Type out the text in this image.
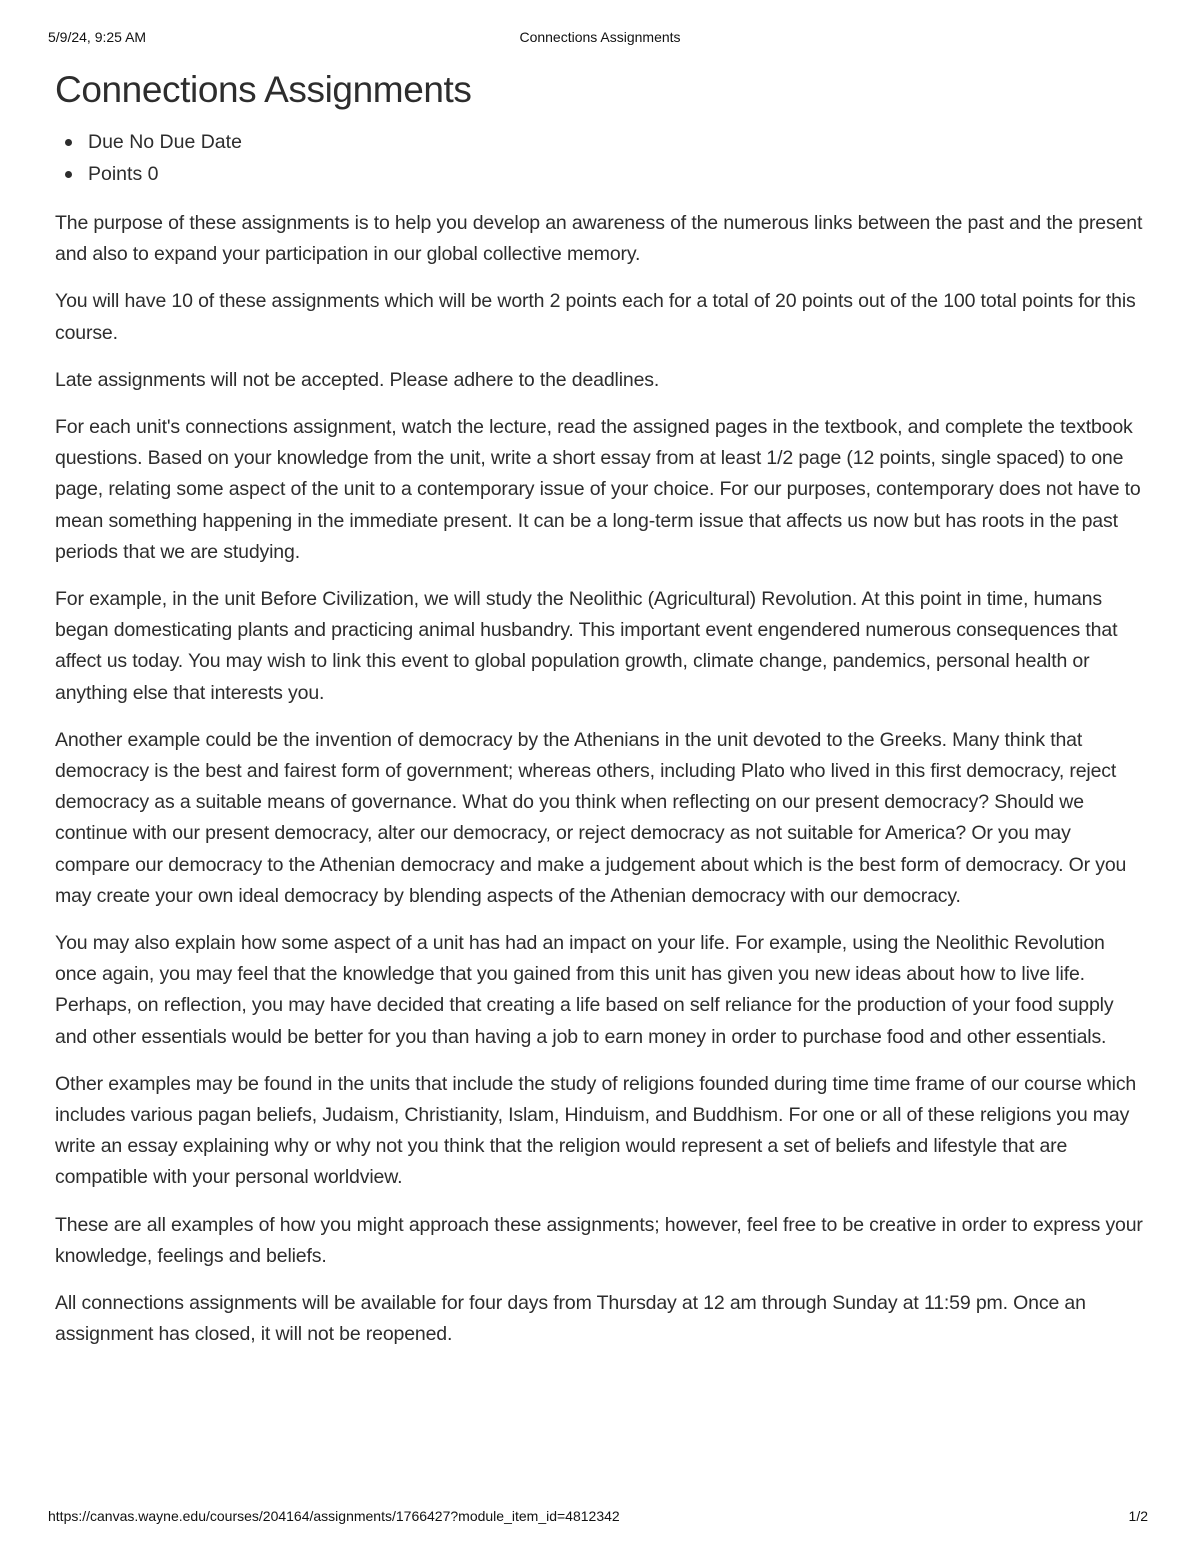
5/9/24, 9:25 AM	Connections Assignments
Connections Assignments
Due No Due Date
Points 0

The purpose of these assignments is to help you develop an awareness of the numerous links between the past and the present and also to expand your participation in our global collective memory.

You will have 10 of these assignments which will be worth 2 points each for a total of 20 points out of the 100 total points for this course.

Late assignments will not be accepted. Please adhere to the deadlines.

For each unit's connections assignment, watch the lecture, read the assigned pages in the textbook, and complete the textbook questions. Based on your knowledge from the unit, write a short essay from at least 1/2 page (12 points, single spaced) to one page, relating some aspect of the unit to a contemporary issue of your choice. For our purposes, contemporary does not have to mean something happening in the immediate present. It can be a long-term issue that affects us now but has roots in the past periods that we are studying.

For example, in the unit Before Civilization, we will study the Neolithic (Agricultural) Revolution. At this point in time, humans began domesticating plants and practicing animal husbandry. This important event engendered numerous consequences that affect us today. You may wish to link this event to global population growth, climate change, pandemics, personal health or anything else that interests you.

Another example could be the invention of democracy by the Athenians in the unit devoted to the Greeks. Many think that democracy is the best and fairest form of government; whereas others, including Plato who lived in this first democracy, reject democracy as a suitable means of governance. What do you think when reflecting on our present democracy? Should we continue with our present democracy, alter our democracy, or reject democracy as not suitable for America? Or you may compare our democracy to the Athenian democracy and make a judgement about which is the best form of democracy. Or you may create your own ideal democracy by blending aspects of the Athenian democracy with our democracy.

You may also explain how some aspect of a unit has had an impact on your life. For example, using the Neolithic Revolution once again, you may feel that the knowledge that you gained from this unit has given you new ideas about how to live life. Perhaps, on reflection, you may have decided that creating a life based on self reliance for the production of your food supply and other essentials would be better for you than having a job to earn money in order to purchase food and other essentials.

Other examples may be found in the units that include the study of religions founded during time time frame of our course which includes various pagan beliefs, Judaism, Christianity, Islam, Hinduism, and Buddhism. For one or all of these religions you may write an essay explaining why or why not you think that the religion would represent a set of beliefs and lifestyle that are compatible with your personal worldview.

These are all examples of how you might approach these assignments; however, feel free to be creative in order to express your knowledge, feelings and beliefs.

All connections assignments will be available for four days from Thursday at 12 am through Sunday at 11:59 pm. Once an assignment has closed, it will not be reopened.

https://canvas.wayne.edu/courses/204164/assignments/1766427?module_item_id=4812342	1/2
